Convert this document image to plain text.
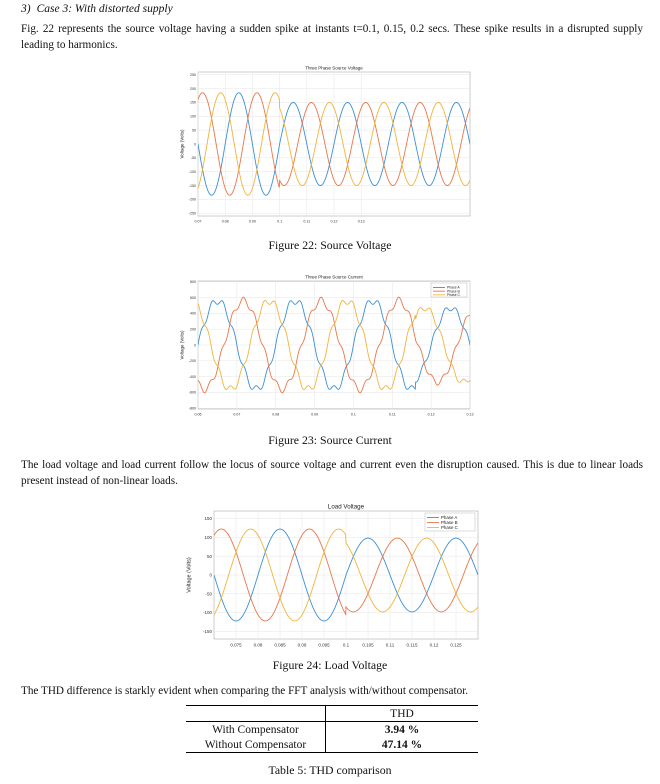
3) Case 3: With distorted supply

Fig. 22 represents the source voltage having a sudden spike at instants t=0.1, 0.15, 0.2 secs. These spike results in a disrupted supply leading to harmonics.

0.07	0.08	0.09	0.1	0.11	0.12	0.13
250
200
150
100
50
0
-50
-100
-150
-200
-250
Three Phase Source Voltage
Voltage (Volts)
Figure 22: Source Voltage
0.06	0.07	0.08	0.09	0.1	0.11	0.12	0.13
800
600
400
200
0
-200
-400
-600
-800
Three Phase Source Current
Voltage (Volts)
Phase A
Phase B
Phase C
Figure 23: Source Current

The load voltage and load current follow the locus of source voltage and current even the disruption caused. This is due to linear loads present instead of non-linear loads.

0.075	0.08	0.085	0.09	0.095	0.1	0.105	0.11	0.115	0.12	0.125
150
100
50
0
-50
-100
-150
Load Voltage
Voltage (Volts)
Phase A
Phase B
Phase C
Figure 24: Load Voltage

The THD difference is starkly evident when comparing the FFT analysis with/without compensator.

	THD
With Compensator	3.94 %
Without Compensator	47.14 %
Table 5: THD comparison
